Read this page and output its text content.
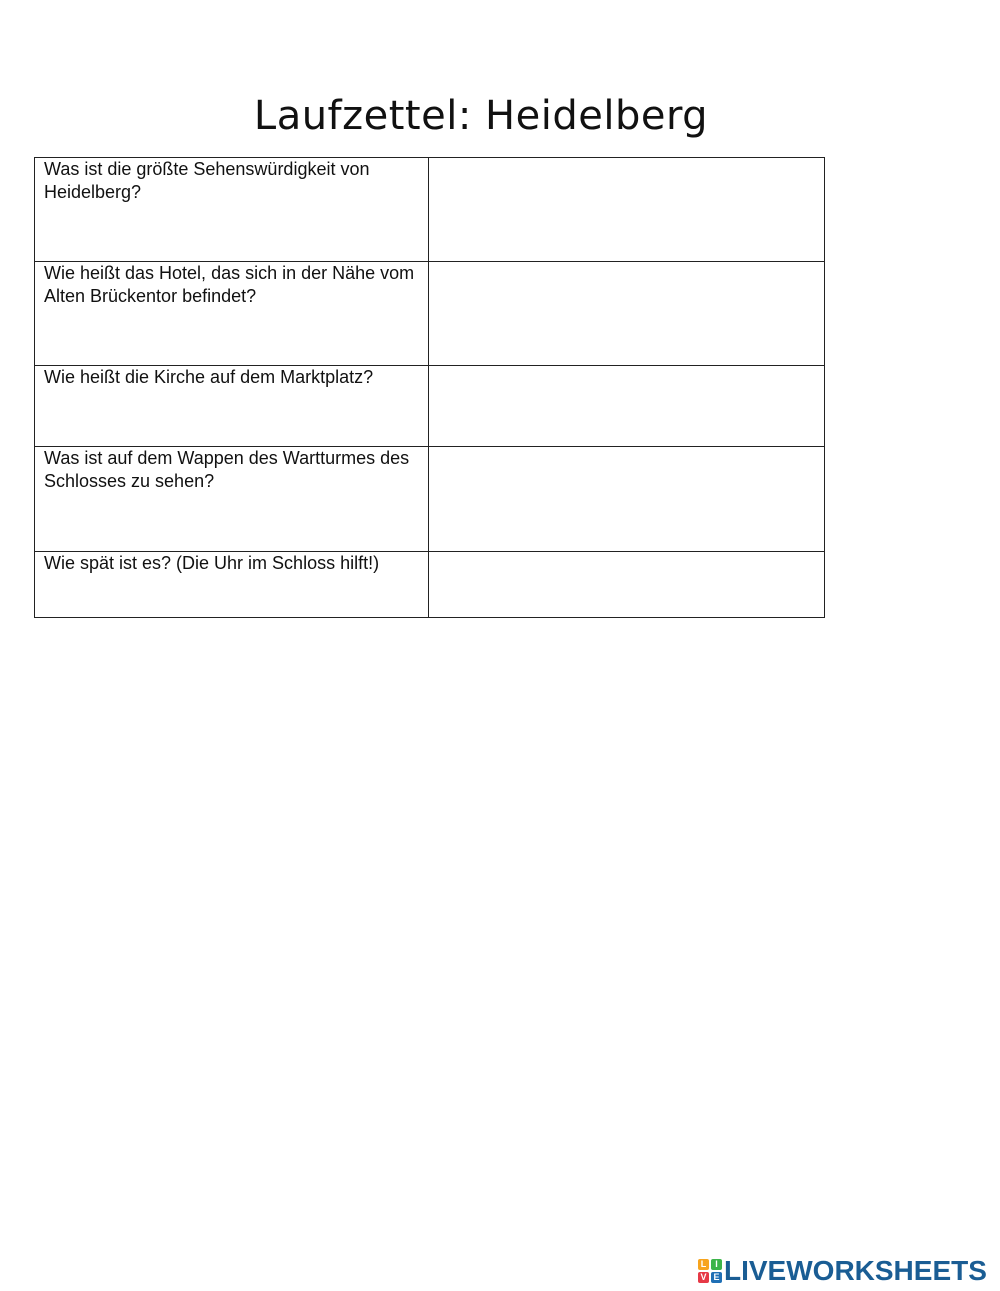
Laufzettel: Heidelberg
Was ist die größte Sehenswürdigkeit von Heidelberg?

Wie heißt das Hotel, das sich in der Nähe vom Alten Brückentor befindet?

Wie heißt die Kirche auf dem Marktplatz?

Was ist auf dem Wappen des Wartturmes des Schlosses zu sehen?

Wie spät ist es? (Die Uhr im Schloss hilft!)

L I
V E LIVEWORKSHEETS
